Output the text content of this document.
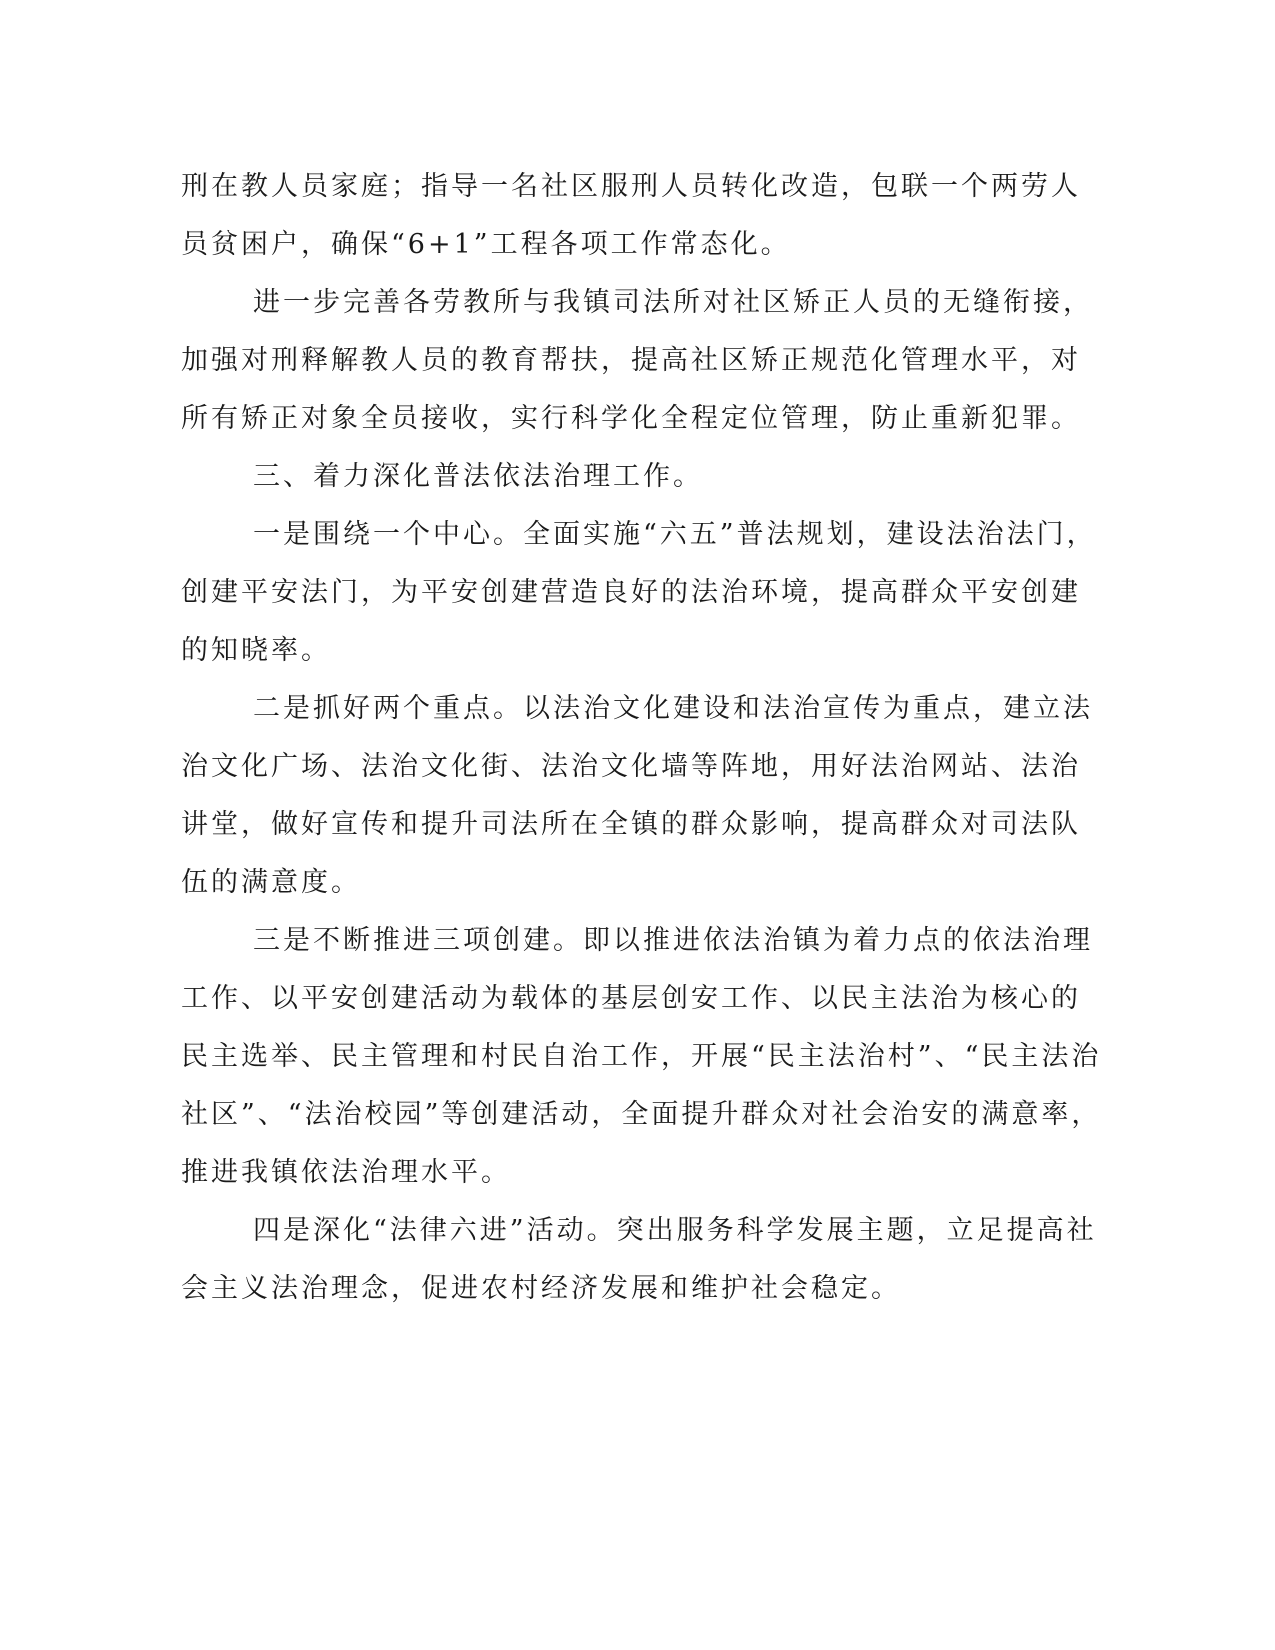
刑在教人员家庭；指导一名社区服刑人员转化改造，包联一个两劳人
员贫困户，确保“6+1”工程各项工作常态化。
进一步完善各劳教所与我镇司法所对社区矫正人员的无缝衔接，
加强对刑释解教人员的教育帮扶，提高社区矫正规范化管理水平，对
所有矫正对象全员接收，实行科学化全程定位管理，防止重新犯罪。
三、着力深化普法依法治理工作。
一是围绕一个中心。全面实施“六五”普法规划，建设法治法门，
创建平安法门，为平安创建营造良好的法治环境，提高群众平安创建
的知晓率。
二是抓好两个重点。以法治文化建设和法治宣传为重点，建立法
治文化广场、法治文化街、法治文化墙等阵地，用好法治网站、法治
讲堂，做好宣传和提升司法所在全镇的群众影响，提高群众对司法队
伍的满意度。
三是不断推进三项创建。即以推进依法治镇为着力点的依法治理
工作、以平安创建活动为载体的基层创安工作、以民主法治为核心的
民主选举、民主管理和村民自治工作，开展“民主法治村”、“民主法治
社区”、“法治校园”等创建活动，全面提升群众对社会治安的满意率，
推进我镇依法治理水平。
四是深化“法律六进”活动。突出服务科学发展主题，立足提高社
会主义法治理念，促进农村经济发展和维护社会稳定。
